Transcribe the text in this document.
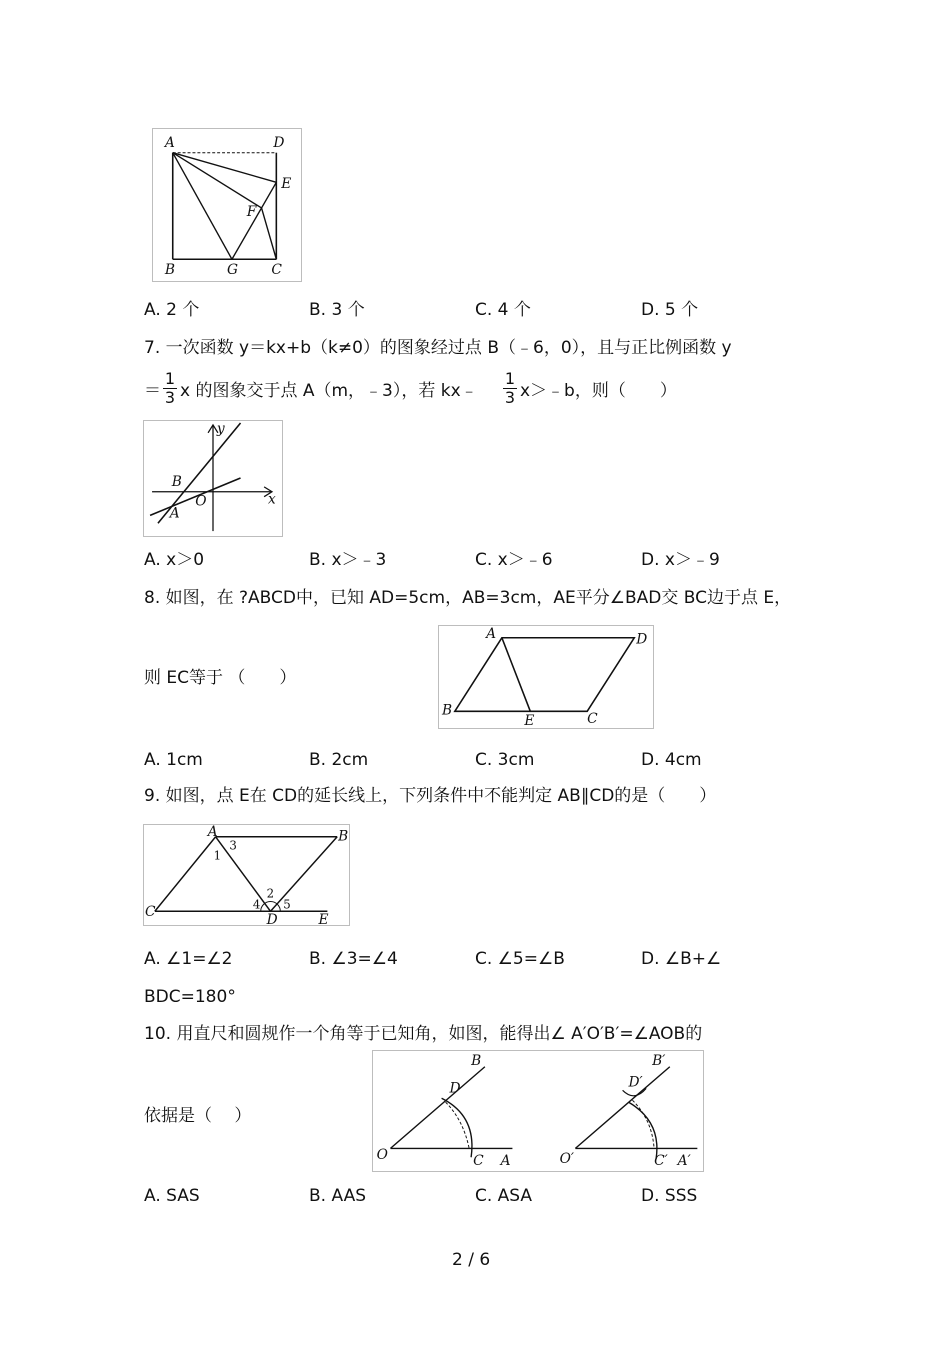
A	D
E
F
B	G C
A. 2 个	B. 3 个	C. 4 个	D. 5 个
7. 一次函数 y＝kx+b（k≠0）的图象经过点 B（﹣6，0），且与正比例函数 y
＝
1
3 x 的图象交于点 A（m，﹣3），若 kx﹣
1
3 x＞﹣b，则（　　）
y
x
B
O
A
A. x＞0	B. x＞﹣3	C. x＞﹣6	D. x＞﹣9
8. 如图，在 ?ABCD中，已知 AD=5cm，AB=3cm，AE平分∠BAD交 BC边于点 E，
则 EC等于 （　　）
A	D
B
E	C
A. 1cm	B. 2cm	C. 3cm	D. 4cm
9. 如图，点 E在 CD的延长线上，下列条件中不能判定 AB∥CD的是（　　）
A	B
C	D	E
1
2
3
4 5
A. ∠1=∠2	B. ∠3=∠4	C. ∠5=∠B	D. ∠B+∠
BDC=180°
10. 用直尺和圆规作一个角等于已知角，如图，能得出∠ A′O′B′=∠AOB的
依据是（　 ）
O
B
D
C A	O′
B′
D′
C′ A′
A. SAS	B. AAS	C. ASA	D. SSS
2 / 6
